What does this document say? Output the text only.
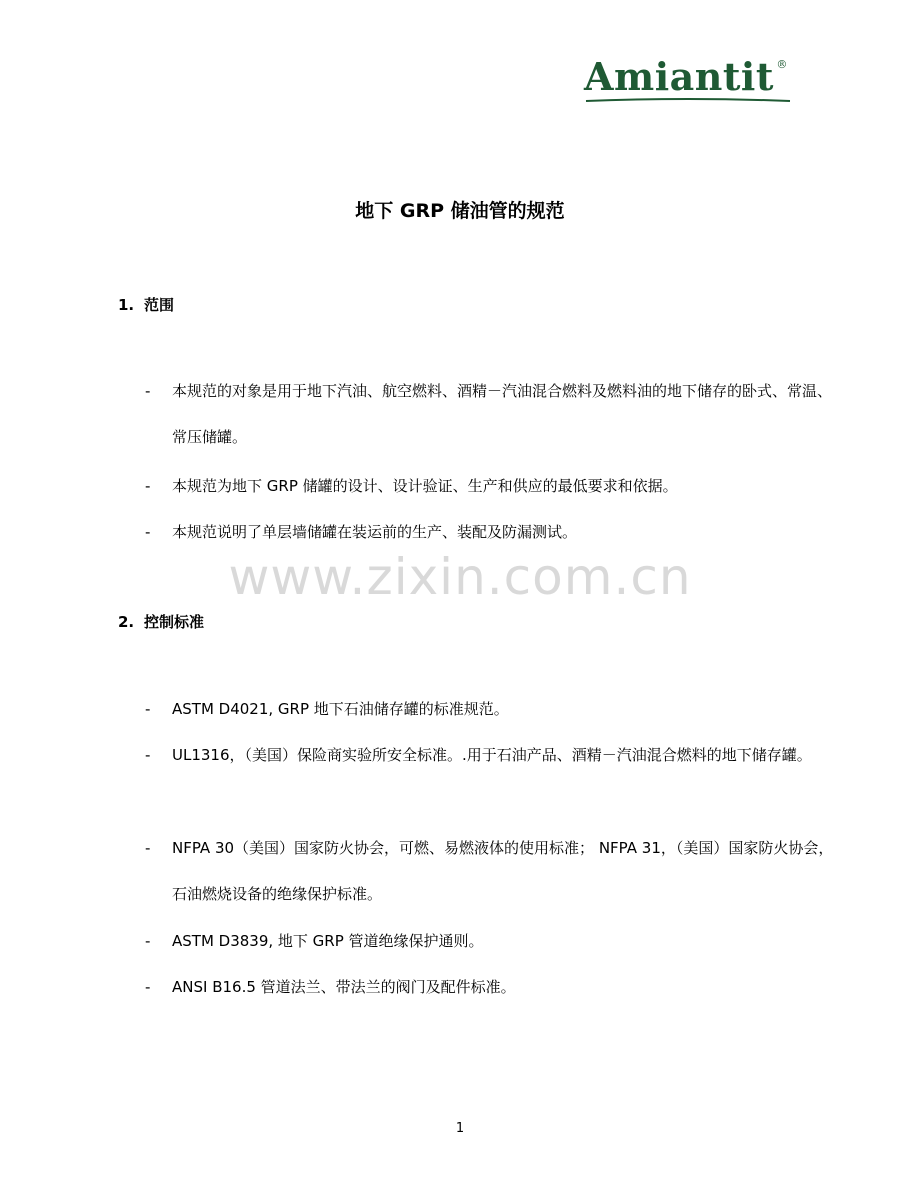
Amiantit ®
地下 GRP 储油管的规范
1. 范围
- 本规范的对象是用于地下汽油、航空燃料、酒精－汽油混合燃料及燃料油的地下储存的卧式、常温、常压储罐。
- 本规范为地下 GRP 储罐的设计、设计验证、生产和供应的最低要求和依据。
- 本规范说明了单层墙储罐在装运前的生产、装配及防漏测试。
www.zixin.com.cn
2. 控制标准
- ASTM D4021, GRP 地下石油储存罐的标准规范。
- UL1316，（美国）保险商实验所安全标准。.用于石油产品、酒精－汽油混合燃料的地下储存罐。
- NFPA 30（美国）国家防火协会，可燃、易燃液体的使用标准； NFPA 31，（美国）国家防火协会， 石油燃烧设备的绝缘保护标准。
- ASTM D3839, 地下 GRP 管道绝缘保护通则。
- ANSI B16.5 管道法兰、带法兰的阀门及配件标准。
1
